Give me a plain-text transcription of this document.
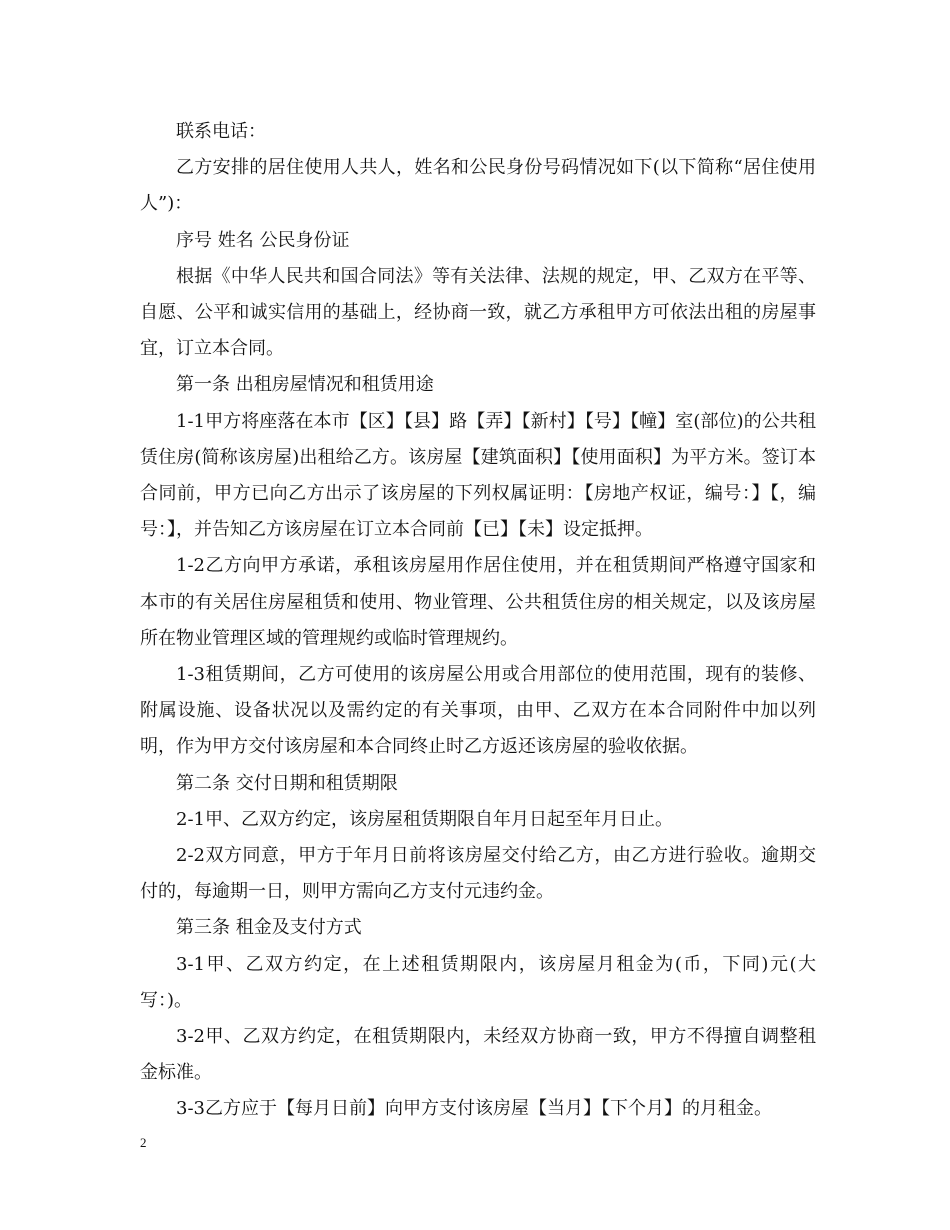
联系电话：

乙方安排的居住使用人共人，姓名和公民身份号码情况如下(以下简称“居住使用人”)：

序号 姓名 公民身份证

根据《中华人民共和国合同法》等有关法律、法规的规定，甲、乙双方在平等、自愿、公平和诚实信用的基础上，经协商一致，就乙方承租甲方可依法出租的房屋事宜，订立本合同。

第一条 出租房屋情况和租赁用途

1-1甲方将座落在本市【区】【县】路【弄】【新村】【号】【幢】室(部位)的公共租赁住房(简称该房屋)出租给乙方。该房屋【建筑面积】【使用面积】为平方米。签订本合同前，甲方已向乙方出示了该房屋的下列权属证明：【房地产权证，编号：】【，编号：】，并告知乙方该房屋在订立本合同前【已】【未】设定抵押。

1-2乙方向甲方承诺，承租该房屋用作居住使用，并在租赁期间严格遵守国家和本市的有关居住房屋租赁和使用、物业管理、公共租赁住房的相关规定，以及该房屋所在物业管理区域的管理规约或临时管理规约。

1-3租赁期间，乙方可使用的该房屋公用或合用部位的使用范围，现有的装修、附属设施、设备状况以及需约定的有关事项，由甲、乙双方在本合同附件中加以列明，作为甲方交付该房屋和本合同终止时乙方返还该房屋的验收依据。

第二条 交付日期和租赁期限

2-1甲、乙双方约定，该房屋租赁期限自年月日起至年月日止。

2-2双方同意，甲方于年月日前将该房屋交付给乙方，由乙方进行验收。逾期交付的，每逾期一日，则甲方需向乙方支付元违约金。

第三条 租金及支付方式

3-1甲、乙双方约定，在上述租赁期限内，该房屋月租金为(币，下同)元(大写：)。

3-2甲、乙双方约定，在租赁期限内，未经双方协商一致，甲方不得擅自调整租金标准。

3-3乙方应于【每月日前】向甲方支付该房屋【当月】【下个月】的月租金。

2
